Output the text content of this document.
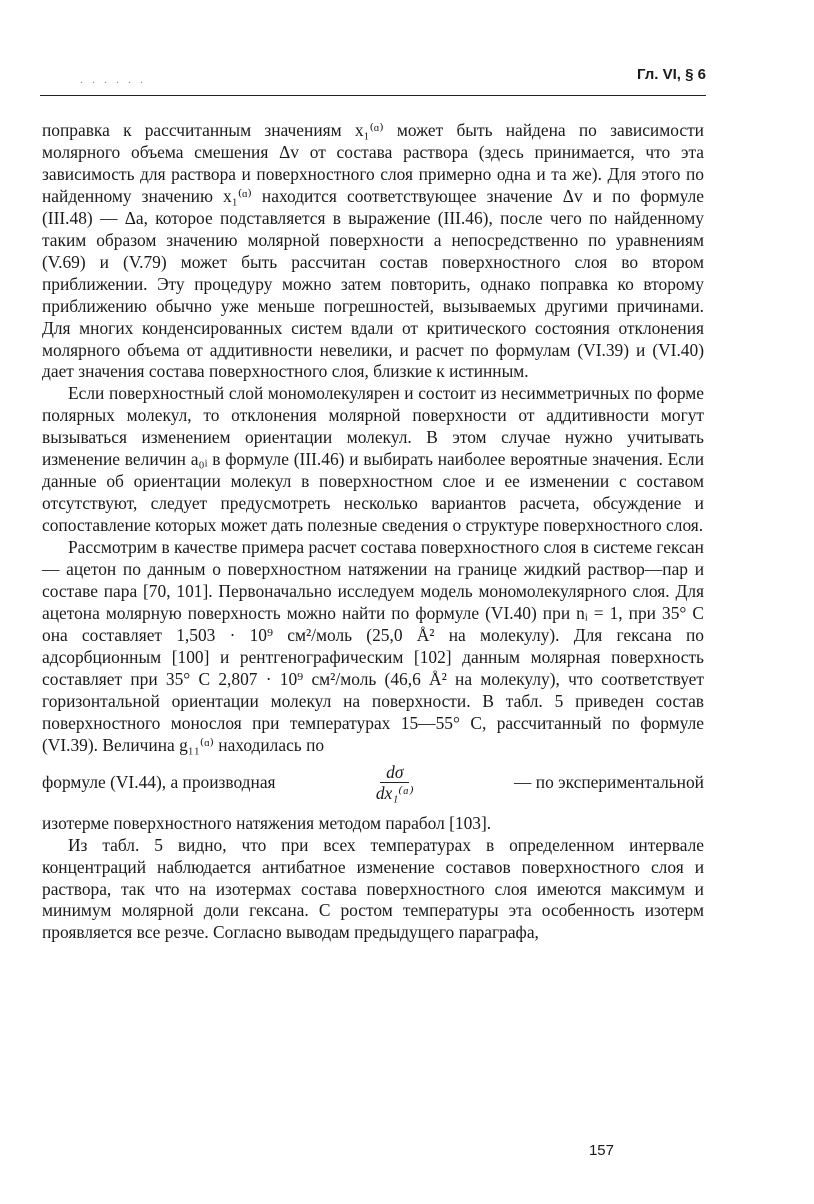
. . . . . .	Гл. VI, § 6

поправка к рассчитанным значениям x₁⁽ᵅ⁾ может быть найдена по зависимости молярного объема смешения Δv от состава раствора (здесь принимается, что эта зависимость для раствора и поверхностного слоя примерно одна и та же). Для этого по найденному значению x₁⁽ᵅ⁾ находится соответствующее значение Δv и по формуле (III.48) — Δa, которое подставляется в выражение (III.46), после чего по найденному таким образом значению молярной поверхности a непосредственно по уравнениям (V.69) и (V.79) может быть рассчитан состав поверхностного слоя во втором приближении. Эту процедуру можно затем повторить, однако поправка ко второму приближению обычно уже меньше погрешностей, вызываемых другими причинами. Для многих конденсированных систем вдали от критического состояния отклонения молярного объема от аддитивности невелики, и расчет по формулам (VI.39) и (VI.40) дает значения состава поверхностного слоя, близкие к истинным.

Если поверхностный слой мономолекулярен и состоит из несимметричных по форме полярных молекул, то отклонения молярной поверхности от аддитивности могут вызываться изменением ориентации молекул. В этом случае нужно учитывать изменение величин a₀ᵢ в формуле (III.46) и выбирать наиболее вероятные значения. Если данные об ориентации молекул в поверхностном слое и ее изменении с составом отсутствуют, следует предусмотреть несколько вариантов расчета, обсуждение и сопоставление которых может дать полезные сведения о структуре поверхностного слоя.

Рассмотрим в качестве примера расчет состава поверхностного слоя в системе гексан — ацетон по данным о поверхностном натяжении на границе жидкий раствор—пар и составе пара [70, 101]. Первоначально исследуем модель мономолекулярного слоя. Для ацетона молярную поверхность можно найти по формуле (VI.40) при nᵢ = 1, при 35° С она составляет 1,503 · 10⁹ см²/моль (25,0 Å² на молекулу). Для гексана по адсорбционным [100] и рентгенографическим [102] данным молярная поверхность составляет при 35° С 2,807 · 10⁹ см²/моль (46,6 Å² на молекулу), что соответствует горизонтальной ориентации молекул на поверхности. В табл. 5 приведен состав поверхностного монослоя при температурах 15—55° С, рассчитанный по формуле (VI.39). Величина g₁₁⁽ᵅ⁾ находилась по

формуле (VI.44), а производная	$\frac{d\sigma}{\text{dx₁⁽ᵅ⁾}}$	— по экспериментальной

изотерме поверхностного натяжения методом парабол [103].

Из табл. 5 видно, что при всех температурах в определенном интервале концентраций наблюдается антибатное изменение составов поверхностного слоя и раствора, так что на изотермах состава поверхностного слоя имеются максимум и минимум молярной доли гексана. С ростом температуры эта особенность изотерм проявляется все резче. Согласно выводам предыдущего параграфа,

157
